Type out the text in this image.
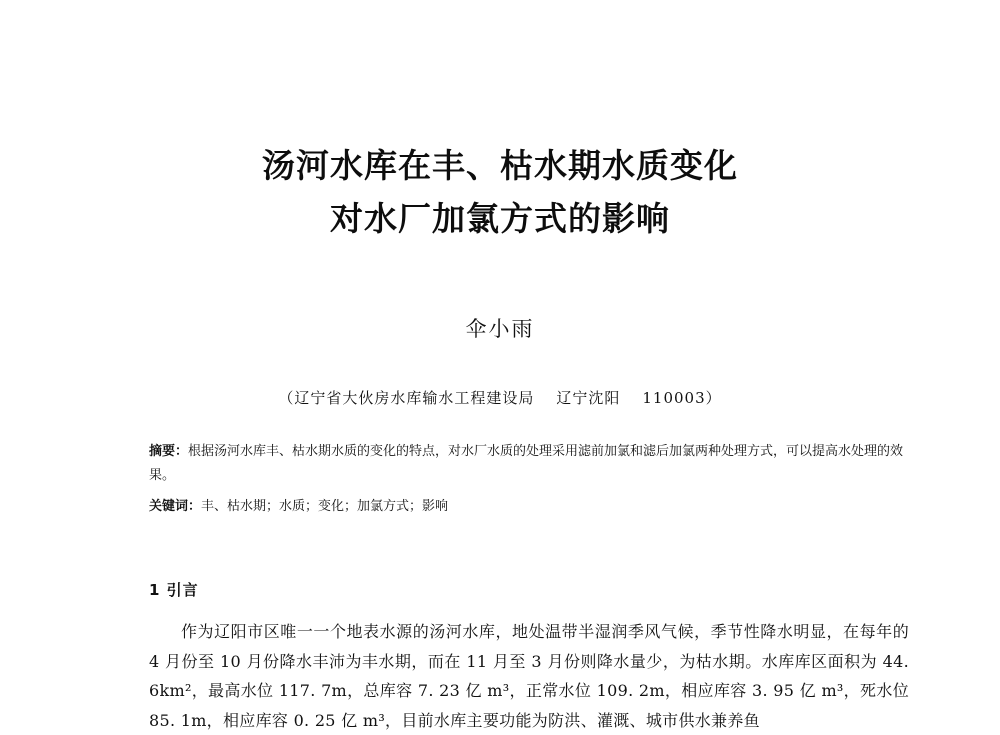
汤河水库在丰、枯水期水质变化
对水厂加氯方式的影响
伞小雨
（辽宁省大伙房水库输水工程建设局 辽宁沈阳 110003）
摘要：根据汤河水库丰、枯水期水质的变化的特点，对水厂水质的处理采用滤前加氯和滤后加氯两种处理方式，可以提高水处理的效果。
关键词：丰、枯水期；水质；变化；加氯方式；影响
1 引言
作为辽阳市区唯一一个地表水源的汤河水库，地处温带半湿润季风气候，季节性降水明显，在每年的 4 月份至 10 月份降水丰沛为丰水期，而在 11 月至 3 月份则降水量少，为枯水期。水库库区面积为 44. 6km²，最高水位 117. 7m，总库容 7. 23 亿 m³，正常水位 109. 2m，相应库容 3. 95 亿 m³，死水位 85. 1m，相应库容 0. 25 亿 m³，目前水库主要功能为防洪、灌溉、城市供水兼养鱼
